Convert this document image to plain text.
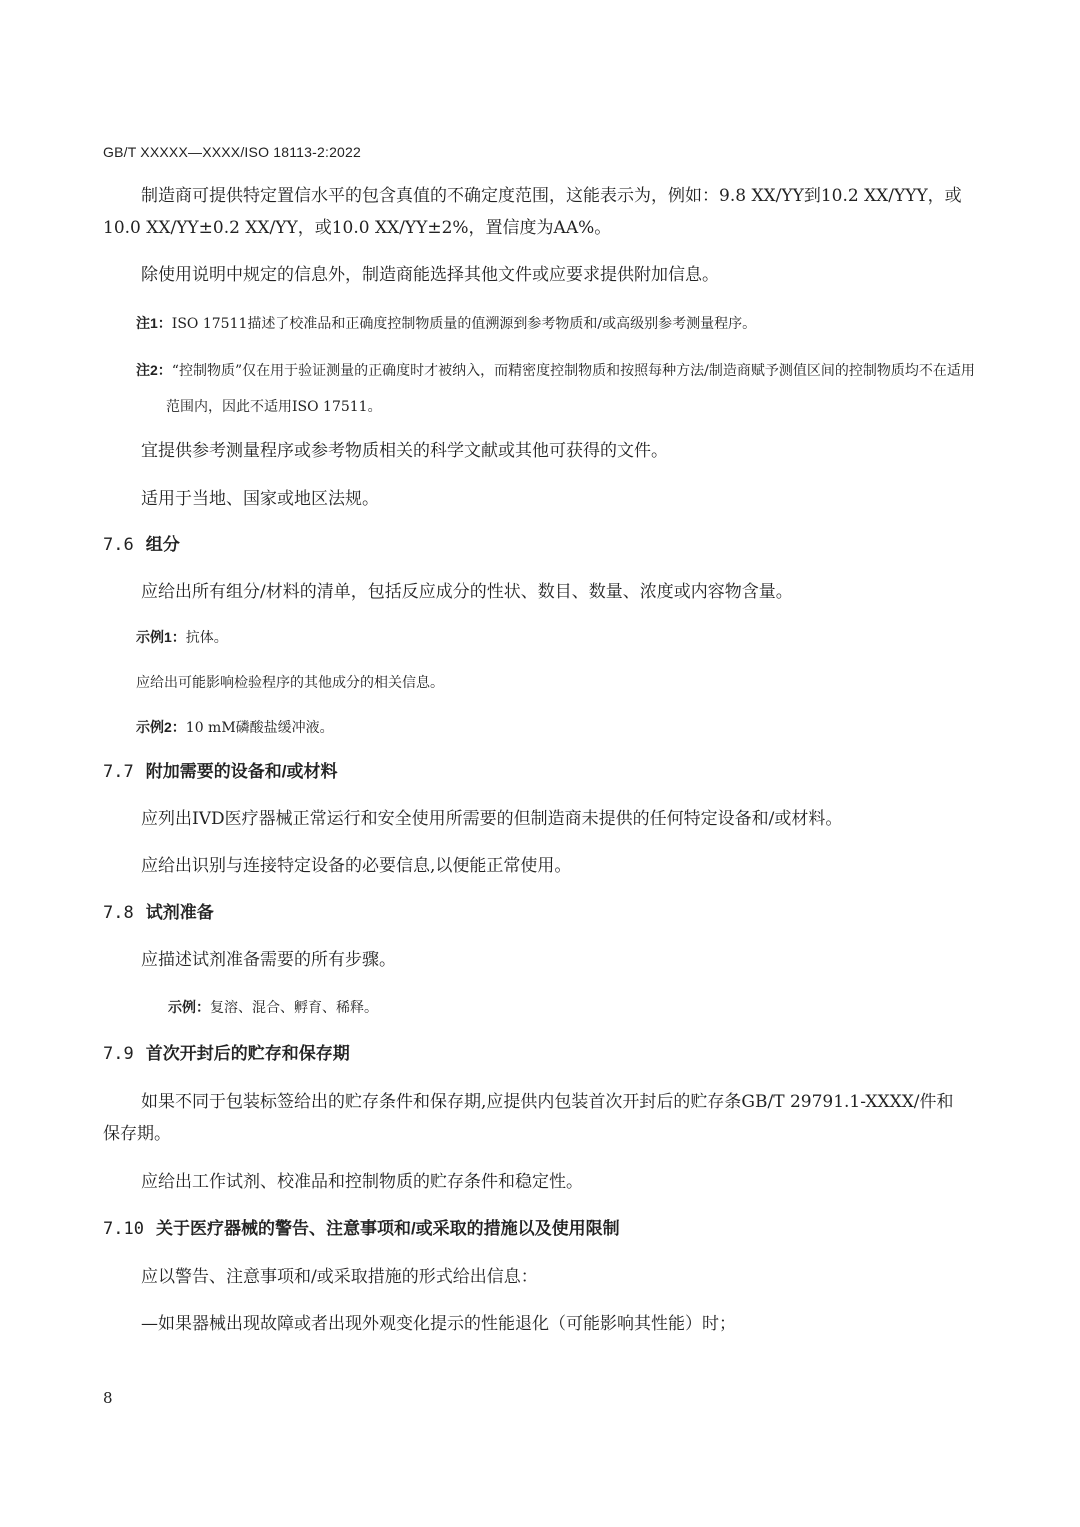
GB/T XXXXX—XXXX/ISO 18113-2:2022

制造商可提供特定置信水平的包含真值的不确定度范围，这能表示为，例如：9.8 XX/YY到10.2 XX/YYY，或10.0 XX/YY±0.2 XX/YY，或10.0 XX/YY±2%，置信度为AA%。

除使用说明中规定的信息外，制造商能选择其他文件或应要求提供附加信息。

注1：ISO 17511描述了校准品和正确度控制物质量的值溯源到参考物质和/或高级别参考测量程序。
注2：“控制物质”仅在用于验证测量的正确度时才被纳入，而精密度控制物质和按照每种方法/制造商赋予测值区间的控制物质均不在适用范围内，因此不适用ISO 17511。

宜提供参考测量程序或参考物质相关的科学文献或其他可获得的文件。

适用于当地、国家或地区法规。

7.6 组分

应给出所有组分/材料的清单，包括反应成分的性状、数目、数量、浓度或内容物含量。

示例1：抗体。
应给出可能影响检验程序的其他成分的相关信息。
示例2：10 mM磷酸盐缓冲液。
7.7 附加需要的设备和/或材料

应列出IVD医疗器械正常运行和安全使用所需要的但制造商未提供的任何特定设备和/或材料。

应给出识别与连接特定设备的必要信息,以便能正常使用。

7.8 试剂准备

应描述试剂准备需要的所有步骤。

示例：复溶、混合、孵育、稀释。
7.9 首次开封后的贮存和保存期

如果不同于包装标签给出的贮存条件和保存期,应提供内包装首次开封后的贮存条GB/T 29791.1-XXXX/件和保存期。

应给出工作试剂、校准品和控制物质的贮存条件和稳定性。

7.10 关于医疗器械的警告、注意事项和/或采取的措施以及使用限制

应以警告、注意事项和/或采取措施的形式给出信息：

—如果器械出现故障或者出现外观变化提示的性能退化（可能影响其性能）时；

8
